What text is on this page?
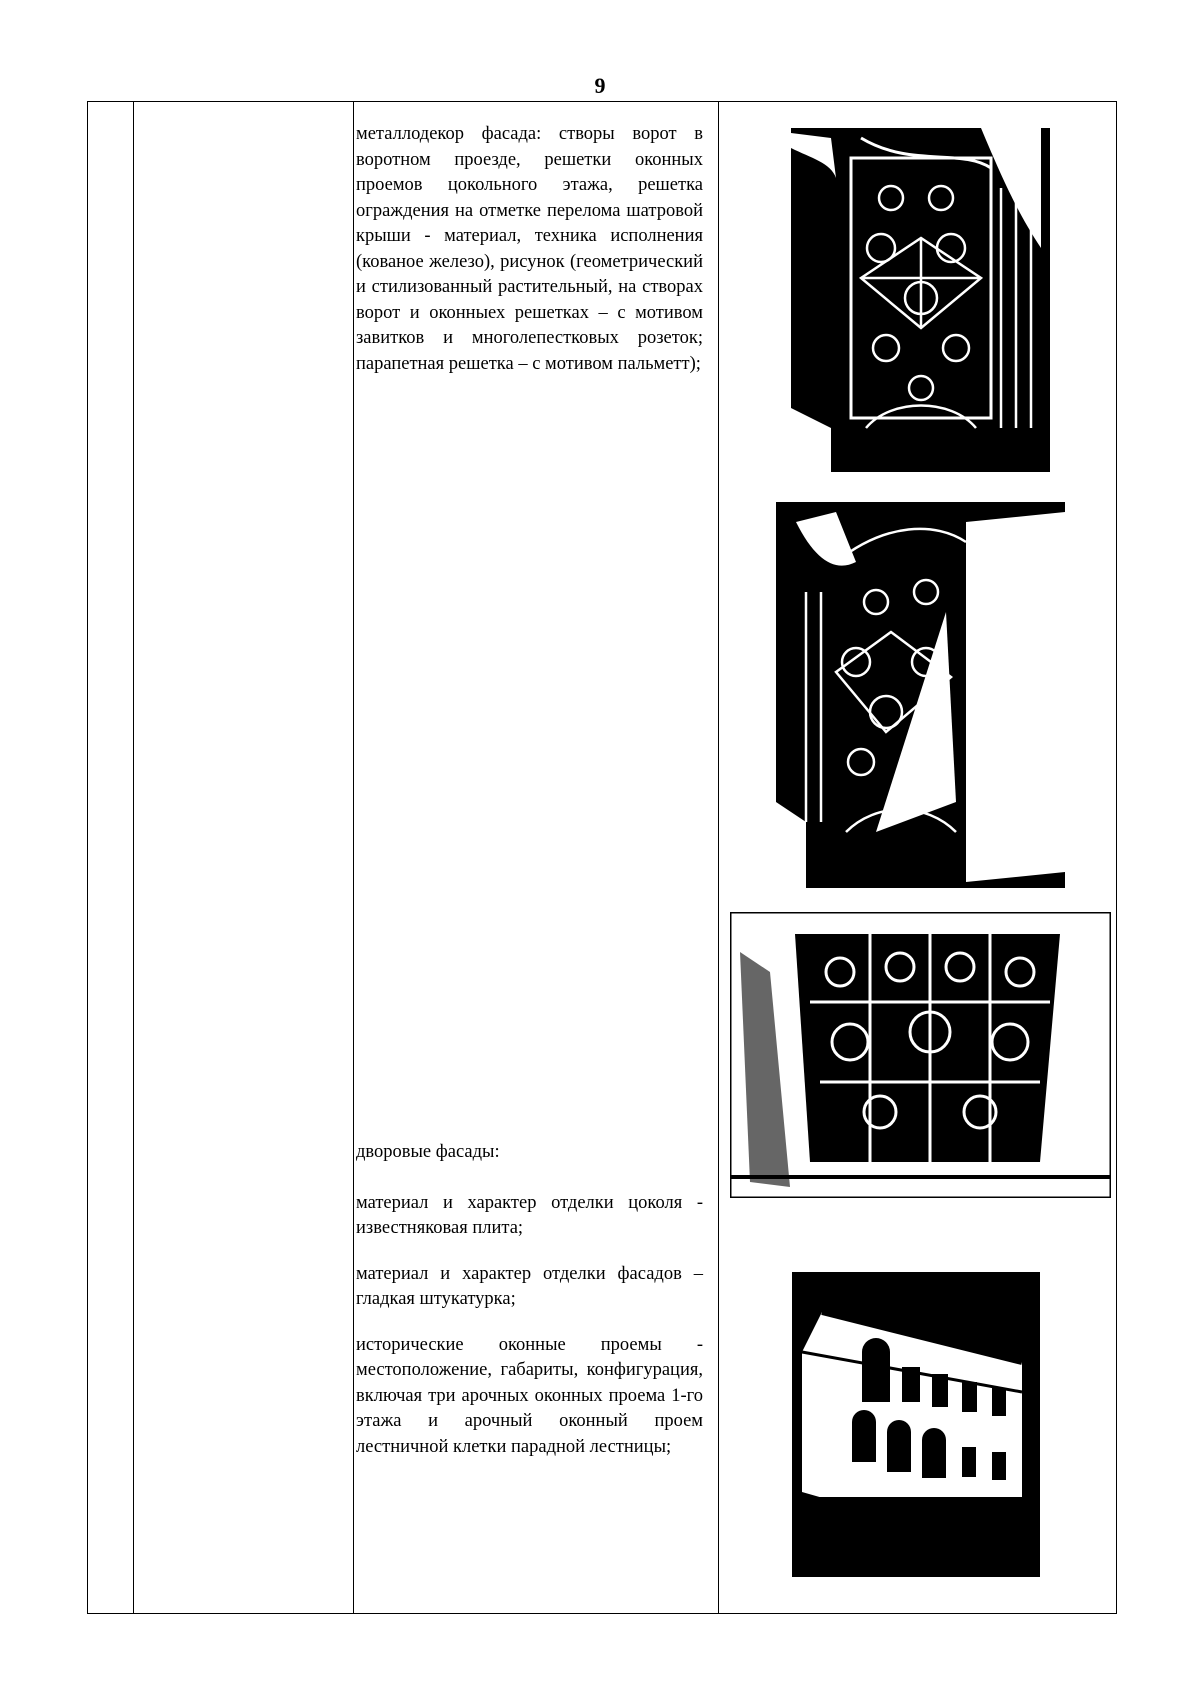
9

металлодекор фасада: створы ворот в воротном проезде, решетки оконных проемов цокольного этажа, решетка ограждения на отметке перелома шатровой крыши - материал, техника исполнения (кованое железо), рисунок (геометрический и стилизованный растительный, на створах ворот и оконныех решетках – с мотивом завитков и многолепестковых розеток; парапетная решетка – с мотивом пальметт);

дворовые фасады:

материал и характер отделки цоколя - известняковая плита;

материал и характер отделки фасадов – гладкая штукатурка;

исторические оконные проемы - местоположение, габариты, конфигурация, включая три арочных оконных проема 1-го этажа и арочный оконный проем лестничной клетки парадной лестницы;
